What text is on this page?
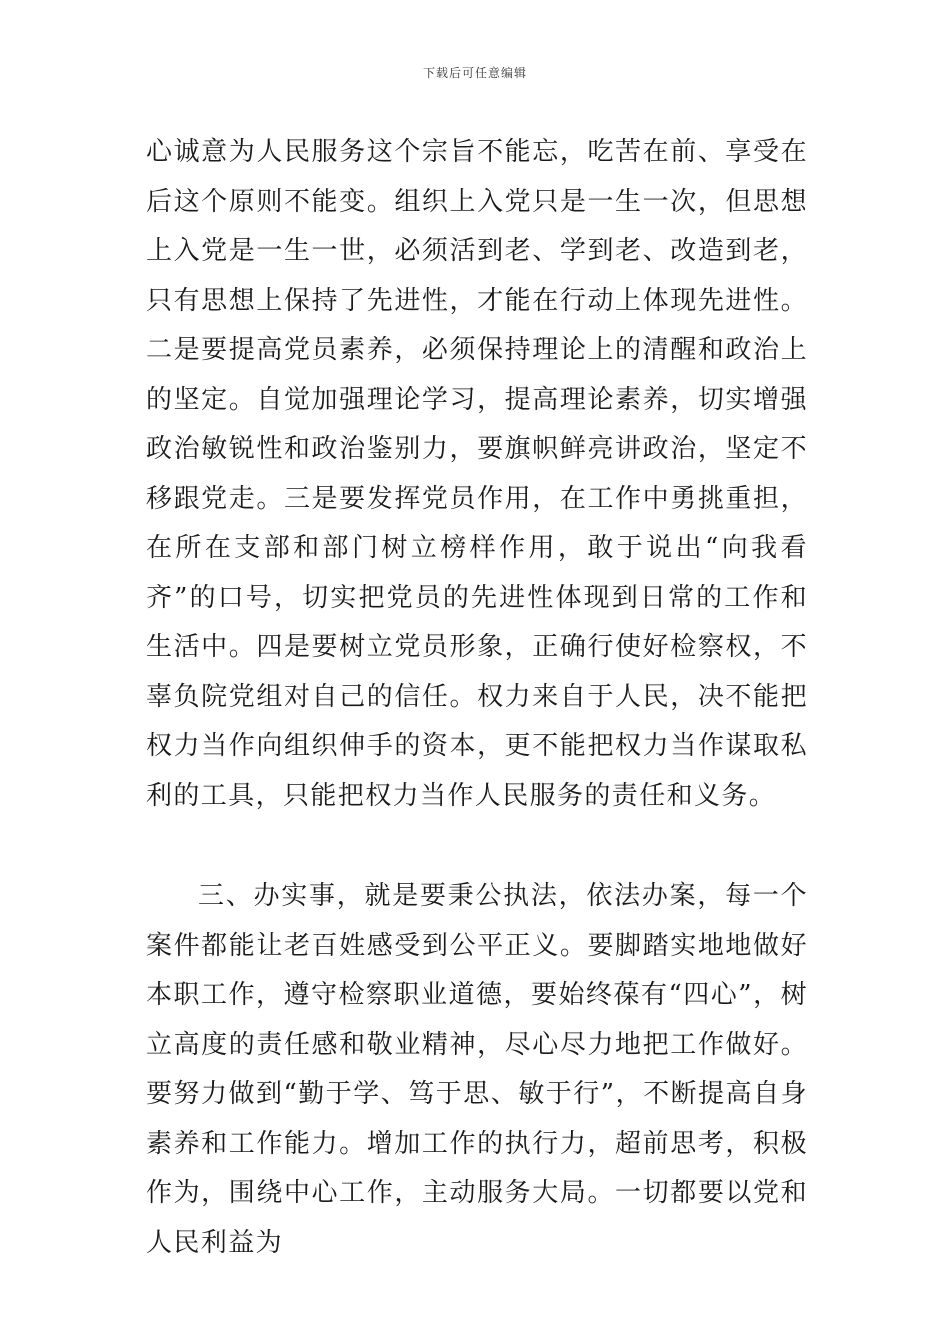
下载后可任意编辑

心诚意为人民服务这个宗旨不能忘，吃苦在前、享受在后这个原则不能变。组织上入党只是一生一次，但思想上入党是一生一世，必须活到老、学到老、改造到老，只有思想上保持了先进性，才能在行动上体现先进性。二是要提高党员素养，必须保持理论上的清醒和政治上的坚定。自觉加强理论学习，提高理论素养，切实增强政治敏锐性和政治鉴别力，要旗帜鲜亮讲政治，坚定不移跟党走。三是要发挥党员作用，在工作中勇挑重担，在所在支部和部门树立榜样作用，敢于说出“向我看齐”的口号，切实把党员的先进性体现到日常的工作和生活中。四是要树立党员形象，正确行使好检察权，不辜负院党组对自己的信任。权力来自于人民，决不能把权力当作向组织伸手的资本，更不能把权力当作谋取私利的工具，只能把权力当作人民服务的责任和义务。

三、办实事，就是要秉公执法，依法办案，每一个案件都能让老百姓感受到公平正义。要脚踏实地地做好本职工作，遵守检察职业道德，要始终葆有“四心”，树立高度的责任感和敬业精神，尽心尽力地把工作做好。要努力做到“勤于学、笃于思、敏于行”，不断提高自身素养和工作能力。增加工作的执行力，超前思考，积极作为，围绕中心工作，主动服务大局。一切都要以党和人民利益为
